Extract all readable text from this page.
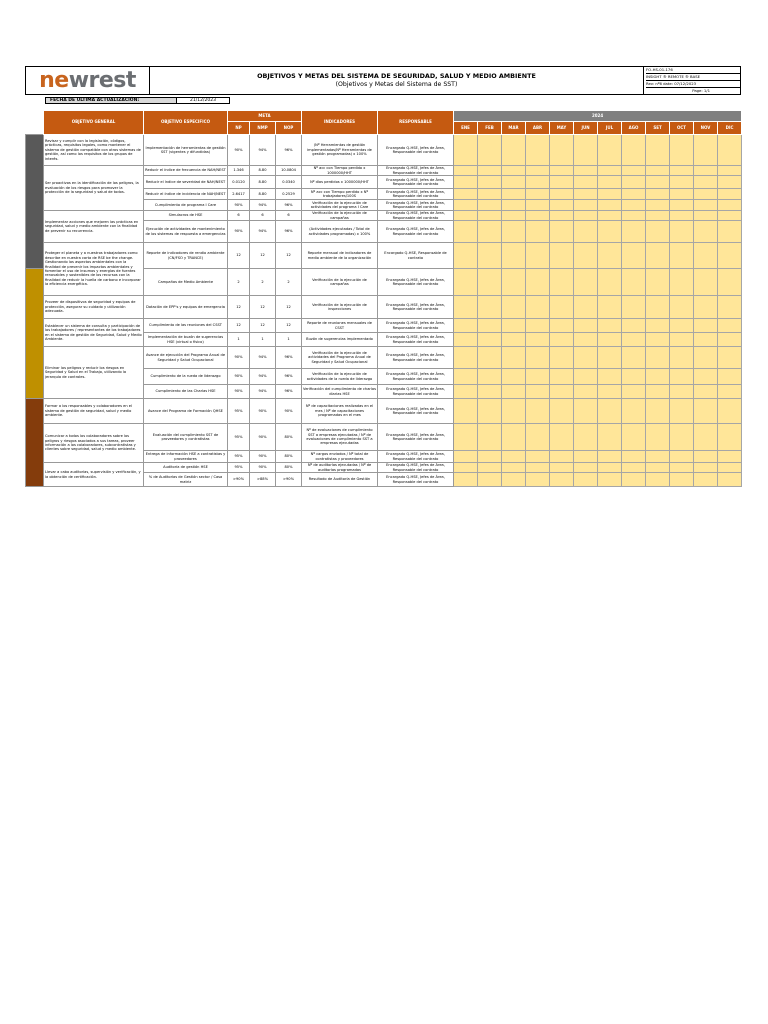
ne wrest	OBJETIVOS Y METAS DEL SISTEMA DE SEGURIDAD, SALUD Y MEDIO AMBIENTE
(Objetivos y Metas del Sistema de SST)
FO-HS-01-176
INSIGHT ® REMOTE ® BASE
Rev: nº6 date: 07/12/2023
Page: 1/1
FECHA DE ULTIMA ACTUALIZACIÓN:	21/12/2023
	OBJETIVO GENERAL	OBJETIVO ESPECIFICO	META			INDICADORES	RESPONSABLE	2024											
			NP	NMP	NOP			ENE	FEB	MAR	ABR	MAY	JUN	JUL	AGO	SET	OCT	NOV	DIC
	Revisar y cumplir con la legislación, códigos, prácticas, requisitos legales, como mantener el sistema de gestión compatible con otros sistemas de gestión, así como los requisitos de los grupos de interés.	Implementación de herramientas de gestión SST (vigentes y difundidas)	90%	94%	96%	(Nº Herramientas de gestión implementadas/Nº Herramientas de gestión programadas) x 100%	Encargado Q-HSE, Jefes de Área, Responsable del contrato												
	Ser proactivos en la identificación de los peligros, la evaluación de los riesgos para promover la protección de la seguridad y salud de todos.	Reducir el índice de frecuencia de NAH/NEST	1.346	8.80	10.0804	Nº acc con Tiempo perdido x 1000000/HHT	Encargado Q-HSE, Jefes de Área, Responsable del contrato												
		Reducir el índice de severidad de NAH/NEST	0.0120	8.80	0.0340	Nº días perdidos x 1000000/HHT	Encargado Q-HSE, Jefes de Área, Responsable del contrato												
		Reducir el índice de incidencia de NAH/NEST	2.6417	8.80	0.2529	Nº acc con Tiempo perdido x Nº trabajadores/100S	Encargado Q-HSE, Jefes de Área, Responsable del contrato												
		Cumplimiento de programa I Care	90%	94%	96%	Verificación de la ejecución de actividades del programa I Care	Encargado Q-HSE, Jefes de Área, Responsable del contrato												
	Implementar acciones que mejoren las prácticas en seguridad, salud y medio ambiente con la finalidad de prevenir su recurrencia.	Simulacros de HSE	6	6	6	Verificación de la ejecución de campañas	Encargado Q-HSE, Jefes de Área, Responsable del contrato												
		Ejecución de actividades de mantenimiento de los sistemas de respuesta a emergencias	90%	94%	96%	(Actividades ejecutadas / Total de actividades programadas) x 100%	Encargado Q-HSE, Jefes de Área, Responsable del contrato												
	Proteger el planeta y a nuestros trabajadores como describe en nuestra carta de RSE be the change. Gestionando los aspectos ambientales con la finalidad de prevenir los impactos ambientales y fomentar el uso de insumos y energías de fuentes renovables y sostenibles de los recursos con la finalidad de reducir la huella de carbono e incorporar la eficiencia energética.	Reporte de indicadores de rendio ambiente (CN/FSO y TRANCE)	12	12	12	Reporte mensual de indicadores de medio ambiente de la organización	Encargado Q-HSE, Responsable de contrato												
	Campañas de Medio Ambiente	2	2	2	Verificación de la ejecución de campañas	Encargado Q-HSE, Jefes de Área, Responsable del contrato												
	Proveer de dispositivos de seguridad y equipos de protección, asegurar su cuidado y utilización adecuada.	Dotación de EPP's y equipos de emergencia	12	12	12	Verificación de la ejecución de inspecciones	Encargado Q-HSE, Jefes de Área, Responsable del contrato												
	Establecer un sistema de consulta y participación de los trabajadores / representantes de los trabajadores en el sistema de gestión de Seguridad, Salud y Medio Ambiente.	Cumplimiento de las reuniones del CSST	12	12	12	Reporte de reuniones mensuales de CSST	Encargado Q-HSE, Jefes de Área, Responsable del contrato												
		Implementación de buzón de sugerencias HSE (virtual o físico)	1	1	1	Buzón de sugerencias implementado	Encargado Q-HSE, Jefes de Área, Responsable del contrato												
	Eliminar los peligros y reducir los riesgos en Seguridad y Salud en el Trabajo, utilizando la jerarquía de controles.	Avance de ejecución del Programa Anual de Seguridad y Salud Ocupacional	90%	94%	96%	Verificación de la ejecución de actividades del Programa Anual de Seguridad y Salud Ocupacional	Encargado Q-HSE, Jefes de Área, Responsable del contrato												
		Cumplimiento de la rueda de liderazgo	90%	94%	96%	Verificación de la ejecución de actividades de la rueda de liderazgo	Encargado Q-HSE, Jefes de Área, Responsable del contrato												
		Cumplimiento de las Charlas HSE	90%	94%	96%	Verificación del cumplimiento de charlas diarias HSE	Encargado Q-HSE, Jefes de Área, Responsable del contrato												
	Formar a los responsables y colaboradores en el sistema de gestión de seguridad, salud y medio ambiente.	Avance del Programa de Formación QHSE	95%	90%	90%	Nº de capacitaciones realizadas en el mes / Nº de capacitaciones programadas en el mes	Encargado Q-HSE, Jefes de Área, Responsable del contrato												
	Comunicar a todos los colaboradores sobre los peligros y riesgos asociados a sus tareas, proveer información a los colaboradores, subcontratistas y clientes sobre seguridad, salud y medio ambiente.	Evaluación del cumplimiento SST de proveedores y contratistas	95%	90%	80%	Nº de evaluaciones de cumplimiento SST a empresas ejecutadas / Nº de evaluaciones de cumplimiento SST a empresas ejecutadas	Encargado Q-HSE, Jefes de Área, Responsable del contrato												
		Entrega de información HSE a contratistas y proveedores	95%	90%	80%	Nº cargos enviados / Nº total de contratistas y proveedores	Encargado Q-HSE, Jefes de Área, Responsable del contrato												
	Llevar a cabo auditorías, supervisión y verificación, y la obtención de certificación.	Auditoría de gestión HSE	95%	90%	80%	Nº de auditorías ejecutadas / Nº de auditorías programadas	Encargado Q-HSE, Jefes de Área, Responsable del contrato												
		% de Auditorías de Gestión sector / Casa matriz	>90%	>88%	>90%	Resultado de Auditoría de Gestión	Encargado Q-HSE, Jefes de Área, Responsable del contrato												
